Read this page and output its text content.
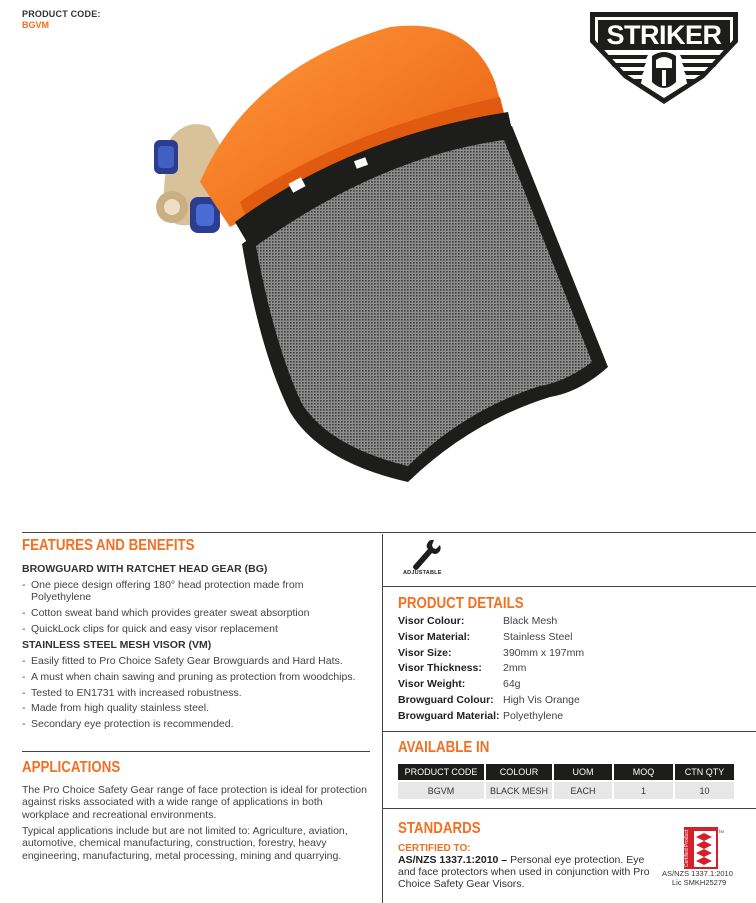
PRODUCT CODE:
BGVM	STRIKER
FEATURES AND BENEFITS
BROWGUARD WITH RATCHET HEAD GEAR (BG)
- One piece design offering 180° head protection made from Polyethylene
- Cotton sweat band which provides greater sweat absorption
- QuickLock clips for quick and easy visor replacement
STAINLESS STEEL MESH VISOR (VM)
- Easily fitted to Pro Choice Safety Gear Browguards and Hard Hats.
- A must when chain sawing and pruning as protection from woodchips.
- Tested to EN1731 with increased robustness.
- Made from high quality stainless steel.
- Secondary eye protection is recommended.
APPLICATIONS
The Pro Choice Safety Gear range of face protection is ideal for protection against risks associated with a wide range of applications in both workplace and recreational environments.
Typical applications include but are not limited to: Agriculture, aviation, automotive, chemical manufacturing, construction, forestry, heavy engineering, manufacturing, metal processing, mining and quarrying.
ADJUSTABLE
PRODUCT DETAILS
Visor Colour:	Black Mesh
Visor Material:	Stainless Steel
Visor Size:	390mm x 197mm
Visor Thickness:	2mm
Visor Weight:	64g
Browguard Colour: High Vis Orange
Browguard Material: Polyethylene
AVAILABLE IN
PRODUCT CODE	COLOUR	UOM	MOQ	CTN QTY
BGVM	BLACK MESH	EACH	1	10
STANDARDS
CERTIFIED TO:
AS/NZS 1337.1:2010 – Personal eye protection. Eye and face protectors when used in conjunction with Pro Choice Safety Gear Visors.
Certified Product	TM
AS/NZS 1337.1:2010
Lic SMKH25279
